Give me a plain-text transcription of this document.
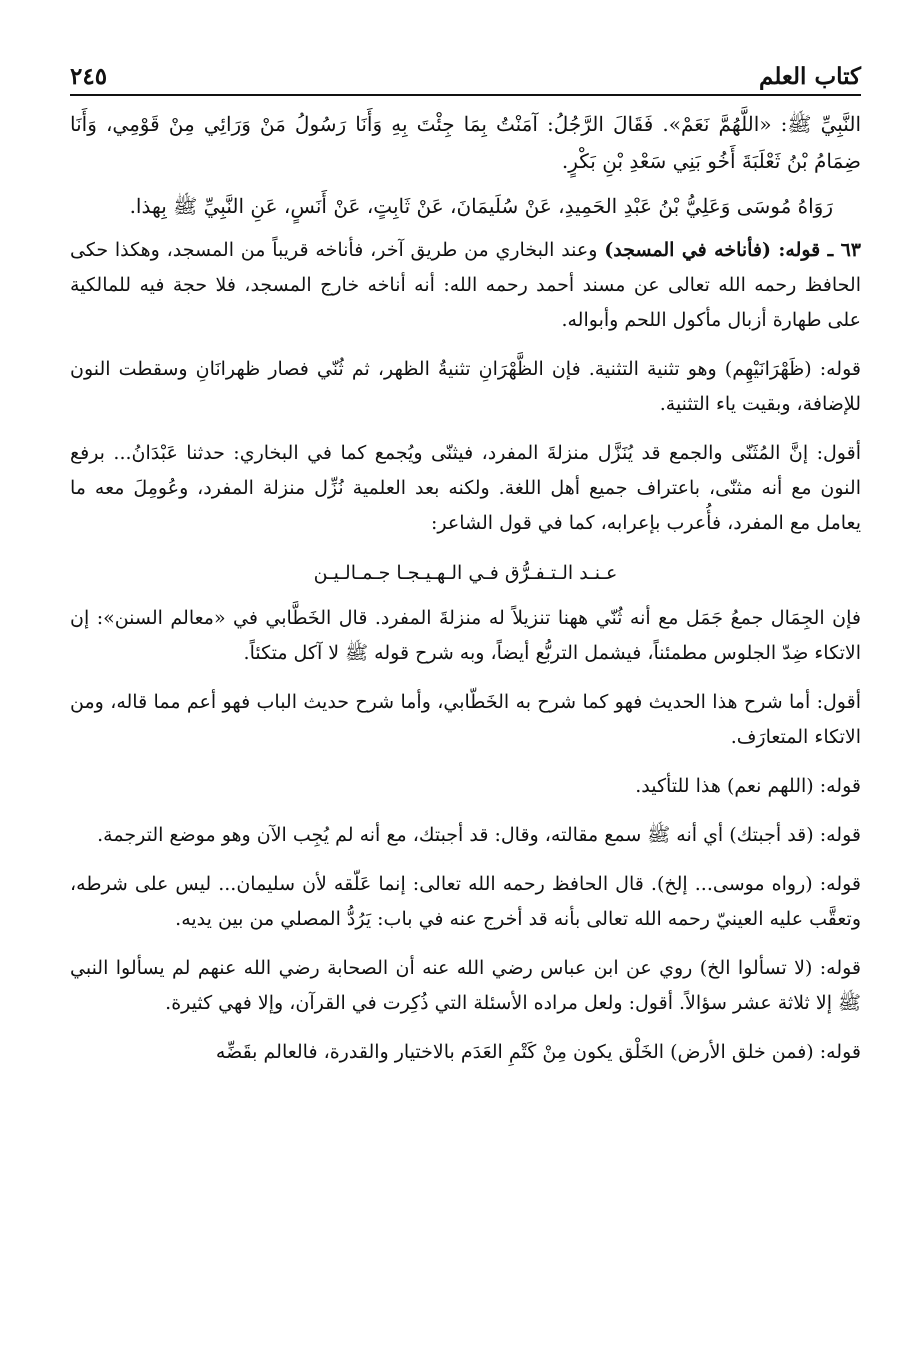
كتاب العلم
٢٤٥

النَّبِيِّ ﷺ: «اللَّهُمَّ نَعَمْ». فَقَالَ الرَّجُلُ: آمَنْتُ بِمَا جِئْتَ بِهِ وَأَنَا رَسُولُ مَنْ وَرَائِي مِنْ قَوْمِي، وَأَنَا ضِمَامُ بْنُ ثَعْلَبَةَ أَخُو بَنِي سَعْدِ بْنِ بَكْرٍ.

رَوَاهُ مُوسَى وَعَلِيُّ بْنُ عَبْدِ الحَمِيدِ، عَنْ سُلَيمَانَ، عَنْ ثَابِتٍ، عَنْ أَنَسٍ، عَنِ النَّبِيِّ ﷺ بِهذا.

٦٣ ـ قوله: (فأناخه في المسجد) وعند البخاري من طريق آخر، فأناخه قريباً من المسجد، وهكذا حكى الحافظ رحمه الله تعالى عن مسند أحمد رحمه الله: أنه أناخه خارج المسجد، فلا حجة فيه للمالكية على طهارة أزبال مأكول اللحم وأبواله.

قوله: (ظَهْرَانَيْهِم) وهو تثنية التثنية. فإن الظَّهْرَانِ تثنيةُ الظهر، ثم ثُنّي فصار ظهرانَانِ وسقطت النون للإضافة، وبقيت ياء التثنية.

أقول: إنَّ المُثَنّى والجمع قد يُنَزَّل منزلةَ المفرد، فيثنّى ويُجمع كما في البخاري: حدثنا عَبْدَانُ... برفع النون مع أنه مثنّى، باعتراف جميع أهل اللغة. ولكنه بعد العلمية نُزِّل منزلة المفرد، وعُومِلَ معه ما يعامل مع المفرد، فأُعرب بإعرابه، كما في قول الشاعر:

عـنـد الـتـفـرُّق فـي الـهـيـجـا جـمـالـيـن

فإن الجِمَال جمعُ جَمَل مع أنه ثُنّي ههنا تنزيلاً له منزلةَ المفرد. قال الخَطَّابي في «معالم السنن»: إن الاتكاء ضِدّ الجلوس مطمئناً، فيشمل التربُّع أيضاً، وبه شرح قوله ﷺ لا آكل متكئاً.

أقول: أما شرح هذا الحديث فهو كما شرح به الخَطّابي، وأما شرح حديث الباب فهو أعم مما قاله، ومن الاتكاء المتعارَف.

قوله: (اللهم نعم) هذا للتأكيد.

قوله: (قد أجبتك) أي أنه ﷺ سمع مقالته، وقال: قد أجبتك، مع أنه لم يُجِب الآن وهو موضع الترجمة.

قوله: (رواه موسى... إلخ). قال الحافظ رحمه الله تعالى: إنما عَلّقه لأن سليمان... ليس على شرطه، وتعقَّب عليه العينيّ رحمه الله تعالى بأنه قد أخرج عنه في باب: يَرُدُّ المصلي من بين يديه.

قوله: (لا تسألوا الخ) روي عن ابن عباس رضي الله عنه أن الصحابة رضي الله عنهم لم يسألوا النبي ﷺ إلا ثلاثة عشر سؤالاً. أقول: ولعل مراده الأسئلة التي ذُكِرت في القرآن، وإلا فهي كثيرة.

قوله: (فمن خلق الأرض) الخَلْق يكون مِنْ كَتْمِ العَدَم بالاختيار والقدرة، فالعالم بقَضِّه
